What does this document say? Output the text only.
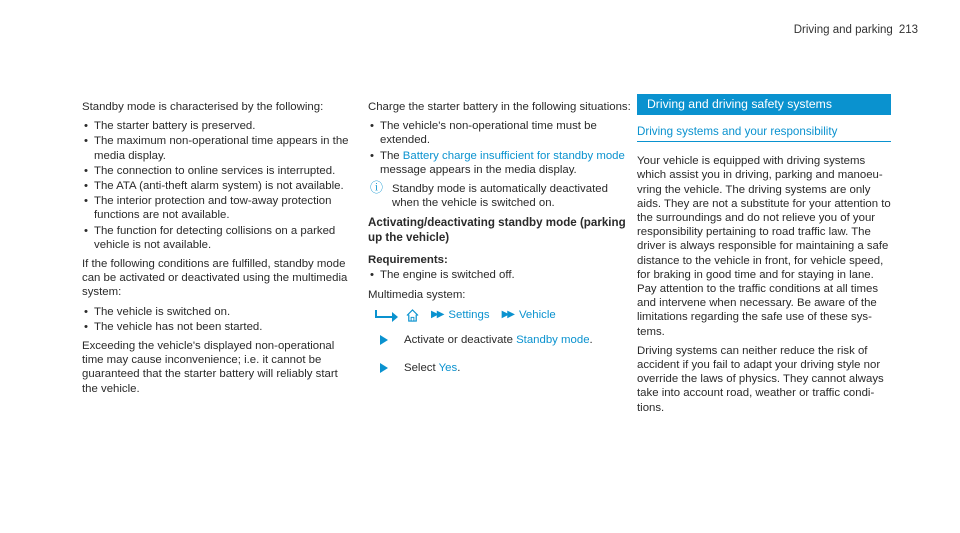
Driving and parking 213

Standby mode is characterised by the following:

• The starter battery is preserved.
• The maximum non-operational time appears in the media display.
• The connection to online services is interrupted.
• The ATA (anti-theft alarm system) is not available.
• The interior protection and tow-away protection functions are not available.
• The function for detecting collisions on a parked vehicle is not available.

If the following conditions are fulfilled, standby mode can be activated or deactivated using the multimedia system:

• The vehicle is switched on.
• The vehicle has not been started.

Exceeding the vehicle's displayed non-operational time may cause inconvenience; i.e. it cannot be guaranteed that the starter battery will reliably start the vehicle.

Charge the starter battery in the following situations:

• The vehicle's non-operational time must be extended.
• The Battery charge insufficient for standby mode message appears in the media display.
ⓘ Standby mode is automatically deactivated when the vehicle is switched on.
Activating/deactivating standby mode (parking up the vehicle)
Requirements:
• The engine is switched off.

Multimedia system:

▶▶ Settings ▶▶ Vehicle
Activate or deactivate Standby mode.
Select Yes.
Driving and driving safety systems
Driving systems and your responsibility

Your vehicle is equipped with driving systems which assist you in driving, parking and manoeuvring the vehicle. The driving systems are only aids. They are not a substitute for your attention to the surroundings and do not relieve you of your responsibility pertaining to road traffic law. The driver is always responsible for maintaining a safe distance to the vehicle in front, for vehicle speed, for braking in good time and for staying in lane. Pay attention to the traffic conditions at all times and intervene when necessary. Be aware of the limitations regarding the safe use of these systems.

Driving systems can neither reduce the risk of accident if you fail to adapt your driving style nor override the laws of physics. They cannot always take into account road, weather or traffic conditions.
